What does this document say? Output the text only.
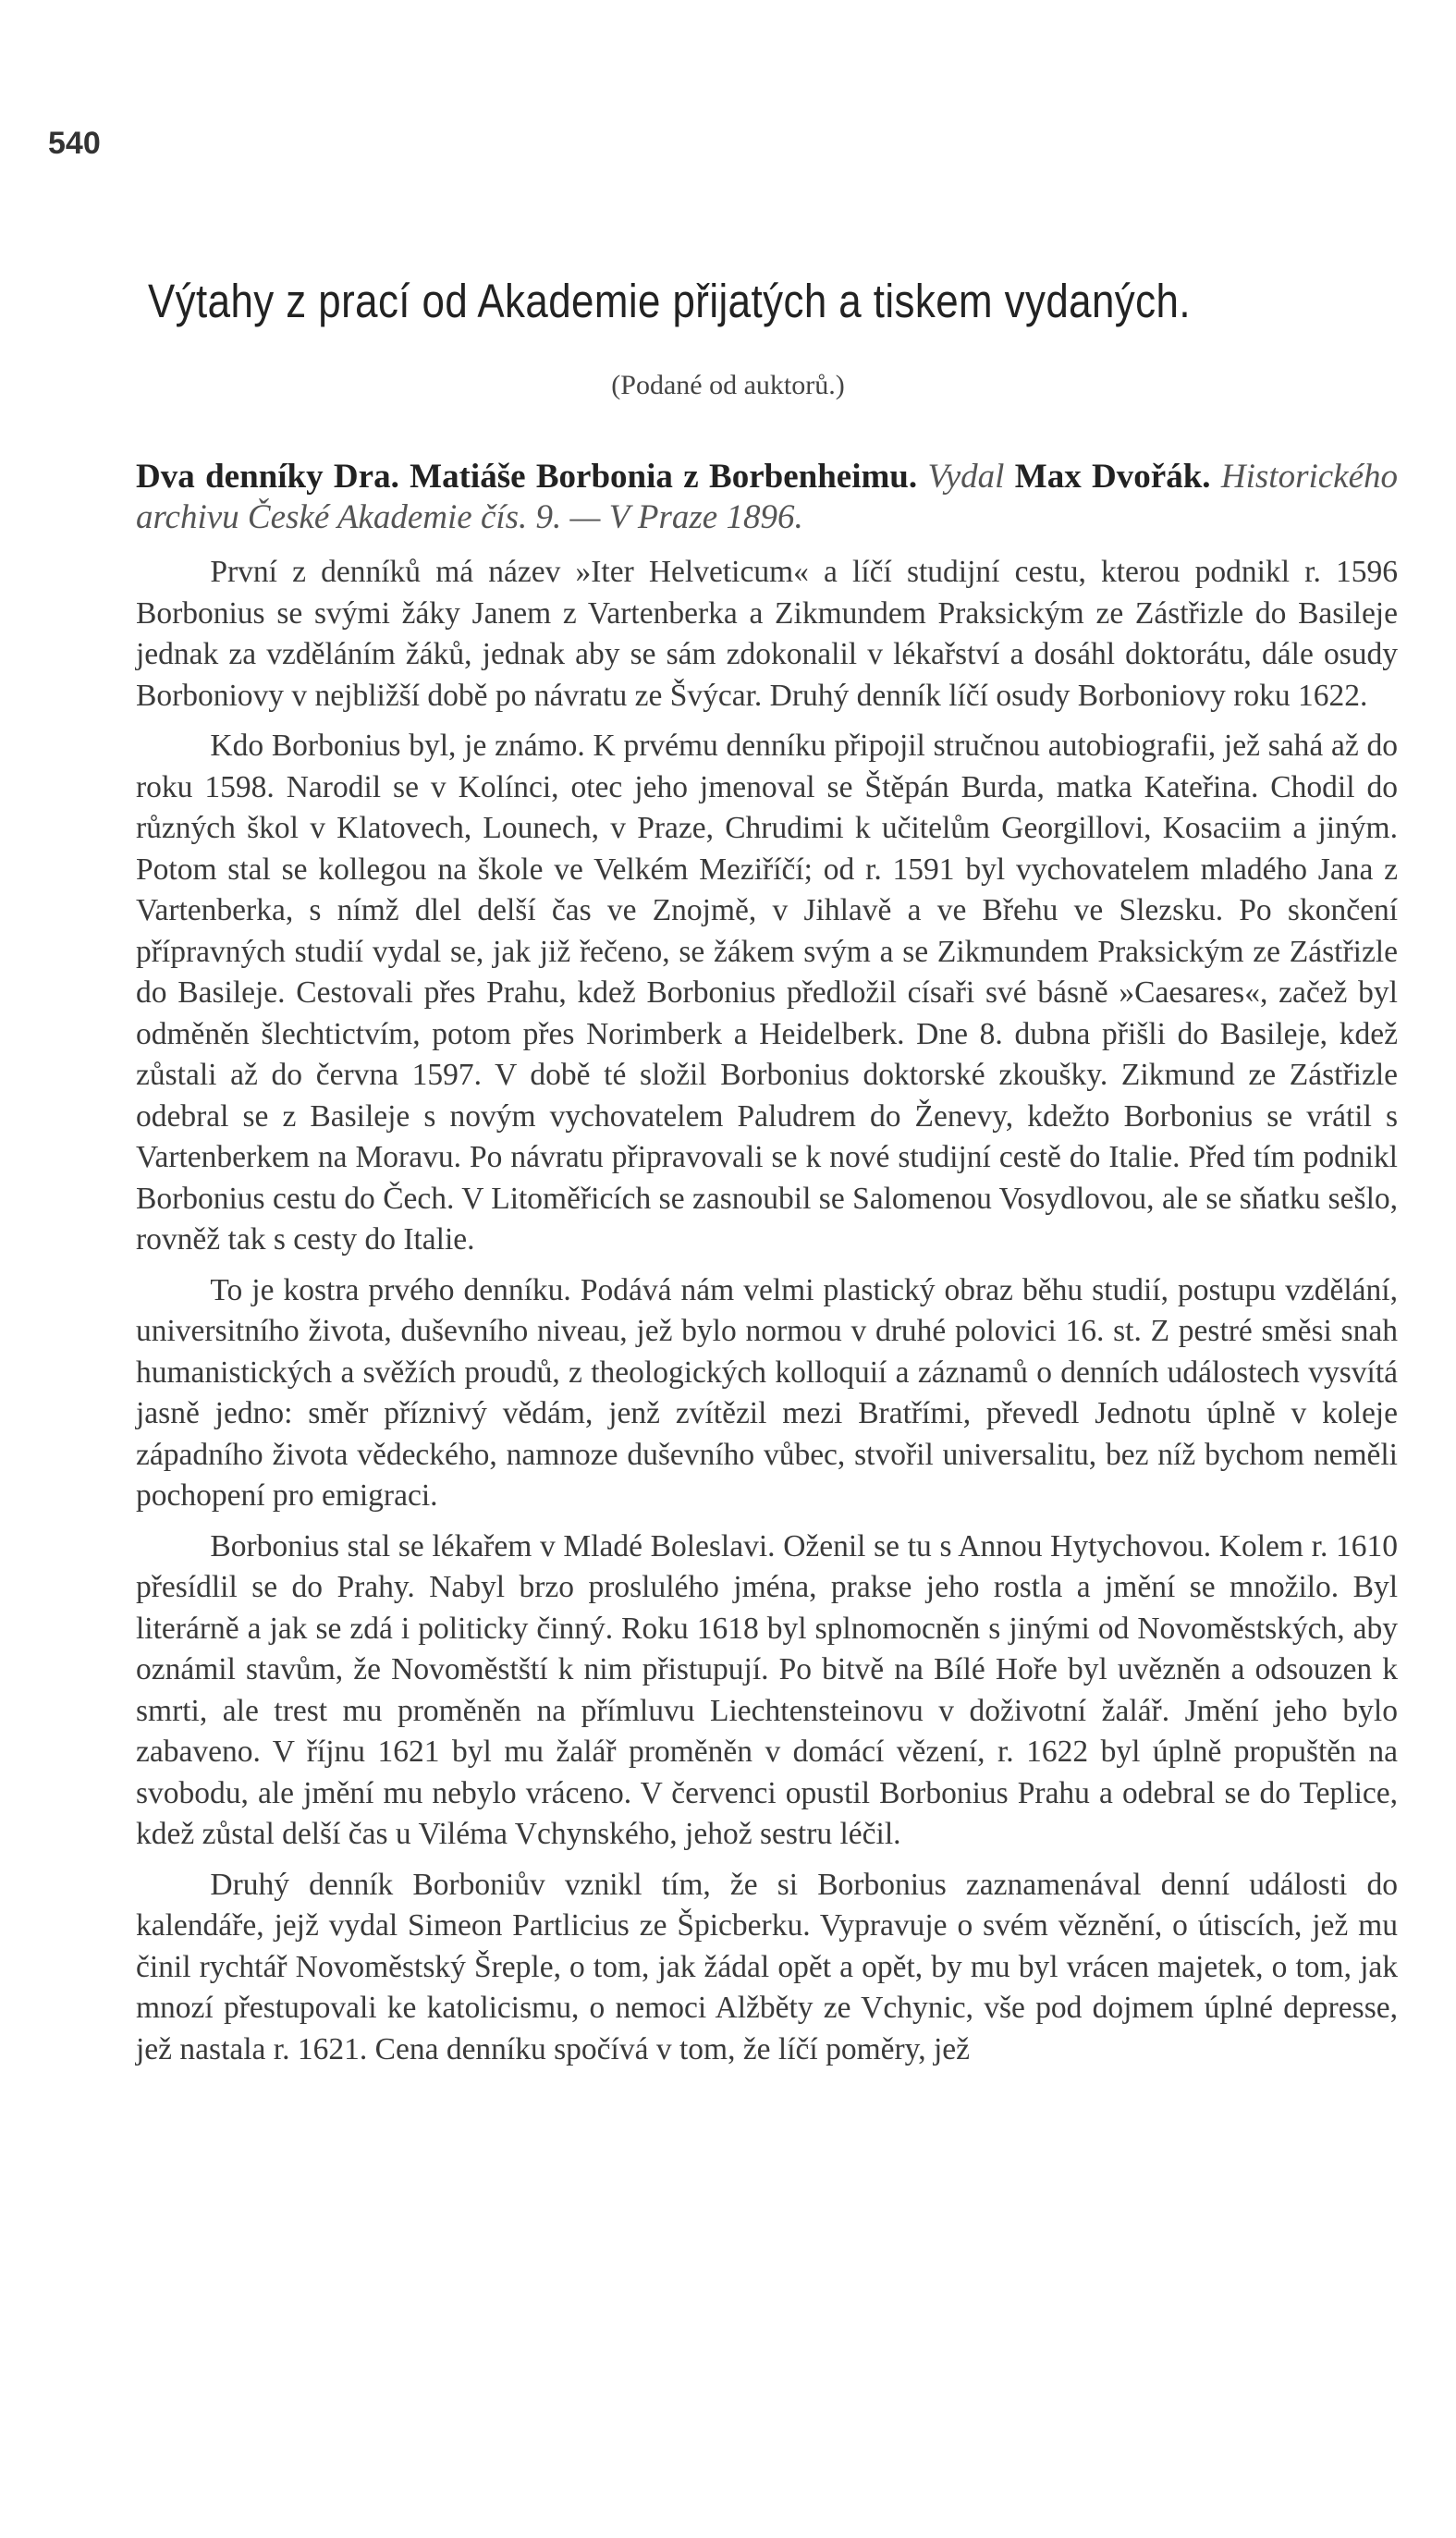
540
Výtahy z prací od Akademie přijatých a tiskem vydaných.
(Podané od auktorů.)
Dva denníky Dra. Matiáše Borbonia z Borbenheimu. Vydal Max Dvořák. Historického archivu České Akademie čís. 9. — V Praze 1896.

První z denníků má název »Iter Helveticum« a líčí studijní cestu, kterou podnikl r. 1596 Borbonius se svými žáky Janem z Vartenberka a Zikmundem Praksickým ze Zástřizle do Basileje jednak za vzděláním žáků, jednak aby se sám zdokonalil v lékařství a dosáhl doktorátu, dále osudy Borboniovy v nejbližší době po návratu ze Švýcar. Druhý denník líčí osudy Borboniovy roku 1622.

Kdo Borbonius byl, je známo. K prvému denníku připojil stručnou autobiografii, jež sahá až do roku 1598. Narodil se v Kolínci, otec jeho jmenoval se Štěpán Burda, matka Kateřina. Chodil do různých škol v Klatovech, Lounech, v Praze, Chrudimi k učitelům Georgillovi, Kosaciim a jiným. Potom stal se kollegou na škole ve Velkém Meziříčí; od r. 1591 byl vychovatelem mladého Jana z Vartenberka, s nímž dlel delší čas ve Znojmě, v Jihlavě a ve Břehu ve Slezsku. Po skončení přípravných studií vydal se, jak již řečeno, se žákem svým a se Zikmundem Praksickým ze Zástřizle do Basileje. Cestovali přes Prahu, kdež Borbonius předložil císaři své básně »Caesares«, začež byl odměněn šlechtictvím, potom přes Norimberk a Heidelberk. Dne 8. dubna přišli do Basileje, kdež zůstali až do června 1597. V době té složil Borbonius doktorské zkoušky. Zikmund ze Zástřizle odebral se z Basileje s novým vychovatelem Paludrem do Ženevy, kdežto Borbonius se vrátil s Vartenberkem na Moravu. Po návratu připravovali se k nové studijní cestě do Italie. Před tím podnikl Borbonius cestu do Čech. V Litoměřicích se zasnoubil se Salomenou Vosydlovou, ale se sňatku sešlo, rovněž tak s cesty do Italie.

To je kostra prvého denníku. Podává nám velmi plastický obraz běhu studií, postupu vzdělání, universitního života, duševního niveau, jež bylo normou v druhé polovici 16. st. Z pestré směsi snah humanistických a svěžích proudů, z theologických kolloquií a záznamů o denních událostech vysvítá jasně jedno: směr příznivý vědám, jenž zvítězil mezi Bratřími, převedl Jednotu úplně v koleje západního života vědeckého, namnoze duševního vůbec, stvořil universalitu, bez níž bychom neměli pochopení pro emigraci.

Borbonius stal se lékařem v Mladé Boleslavi. Oženil se tu s Annou Hytychovou. Kolem r. 1610 přesídlil se do Prahy. Nabyl brzo proslulého jména, prakse jeho rostla a jmění se množilo. Byl literárně a jak se zdá i politicky činný. Roku 1618 byl splnomocněn s jinými od Novoměstských, aby oznámil stavům, že Novoměstští k nim přistupují. Po bitvě na Bílé Hoře byl uvězněn a odsouzen k smrti, ale trest mu proměněn na přímluvu Liechtensteinovu v doživotní žalář. Jmění jeho bylo zabaveno. V říjnu 1621 byl mu žalář proměněn v domácí vězení, r. 1622 byl úplně propuštěn na svobodu, ale jmění mu nebylo vráceno. V červenci opustil Borbonius Prahu a odebral se do Teplice, kdež zůstal delší čas u Viléma Vchynského, jehož sestru léčil.

Druhý denník Borboniův vznikl tím, že si Borbonius zaznamenával denní události do kalendáře, jejž vydal Simeon Partlicius ze Špicberku. Vypravuje o svém věznění, o útiscích, jež mu činil rychtář Novoměstský Šreple, o tom, jak žádal opět a opět, by mu byl vrácen majetek, o tom, jak mnozí přestupovali ke katolicismu, o nemoci Alžběty ze Vchynic, vše pod dojmem úplné depresse, jež nastala r. 1621. Cena denníku spočívá v tom, že líčí poměry, jež
